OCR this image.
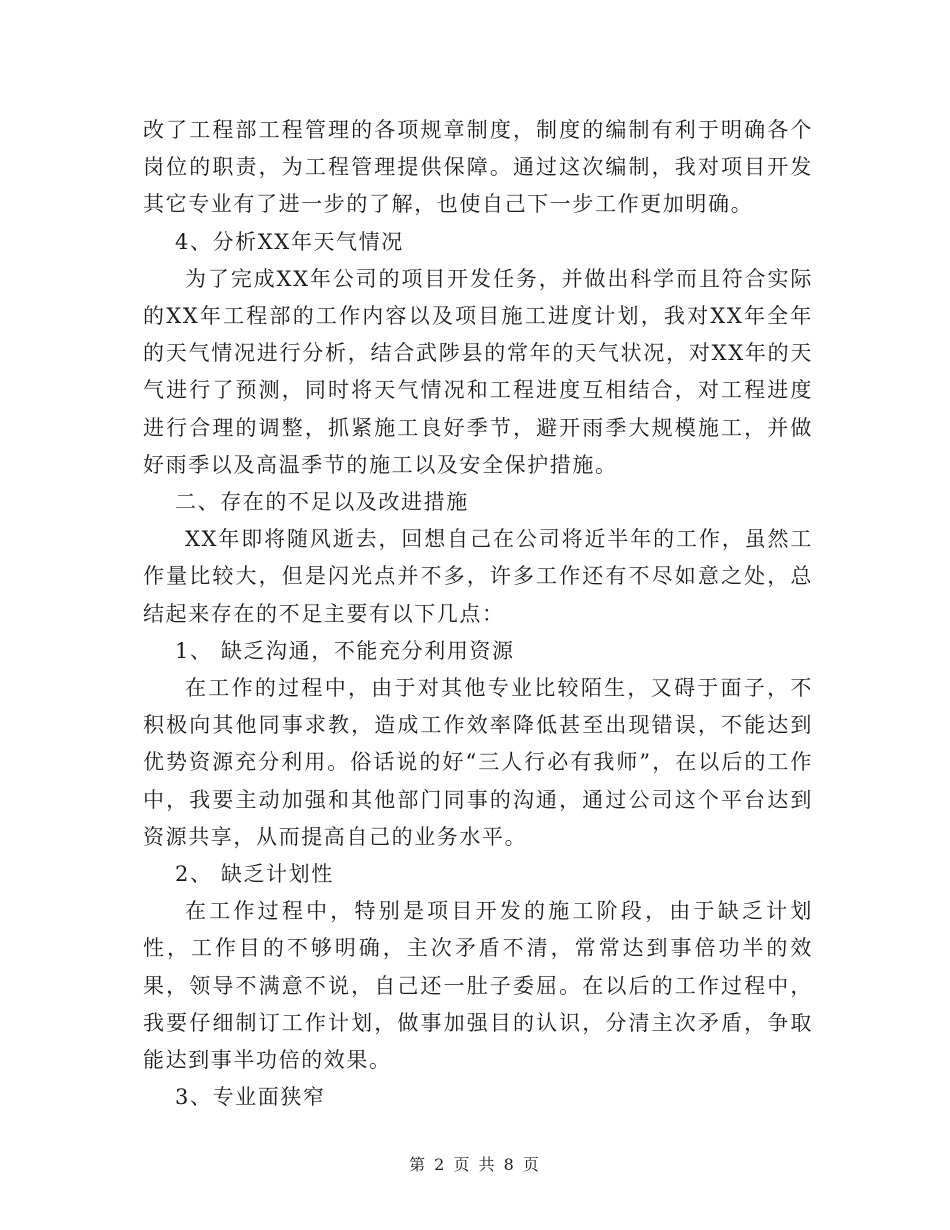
改了工程部工程管理的各项规章制度，制度的编制有利于明确各个岗位的职责，为工程管理提供保障。通过这次编制，我对项目开发其它专业有了进一步的了解，也使自己下一步工作更加明确。

4、分析XX年天气情况

为了完成XX年公司的项目开发任务，并做出科学而且符合实际的XX年工程部的工作内容以及项目施工进度计划，我对XX年全年的天气情况进行分析，结合武陟县的常年的天气状况，对XX年的天气进行了预测，同时将天气情况和工程进度互相结合，对工程进度进行合理的调整，抓紧施工良好季节，避开雨季大规模施工，并做好雨季以及高温季节的施工以及安全保护措施。

二、存在的不足以及改进措施

XX年即将随风逝去，回想自己在公司将近半年的工作，虽然工作量比较大，但是闪光点并不多，许多工作还有不尽如意之处，总结起来存在的不足主要有以下几点：

1、 缺乏沟通，不能充分利用资源

在工作的过程中，由于对其他专业比较陌生，又碍于面子，不积极向其他同事求教，造成工作效率降低甚至出现错误，不能达到优势资源充分利用。俗话说的好“三人行必有我师”，在以后的工作中，我要主动加强和其他部门同事的沟通，通过公司这个平台达到资源共享，从而提高自己的业务水平。

2、 缺乏计划性

在工作过程中，特别是项目开发的施工阶段，由于缺乏计划性，工作目的不够明确，主次矛盾不清，常常达到事倍功半的效果，领导不满意不说，自己还一肚子委屈。在以后的工作过程中，我要仔细制订工作计划，做事加强目的认识，分清主次矛盾，争取能达到事半功倍的效果。

3、专业面狭窄

第 2 页 共 8 页
